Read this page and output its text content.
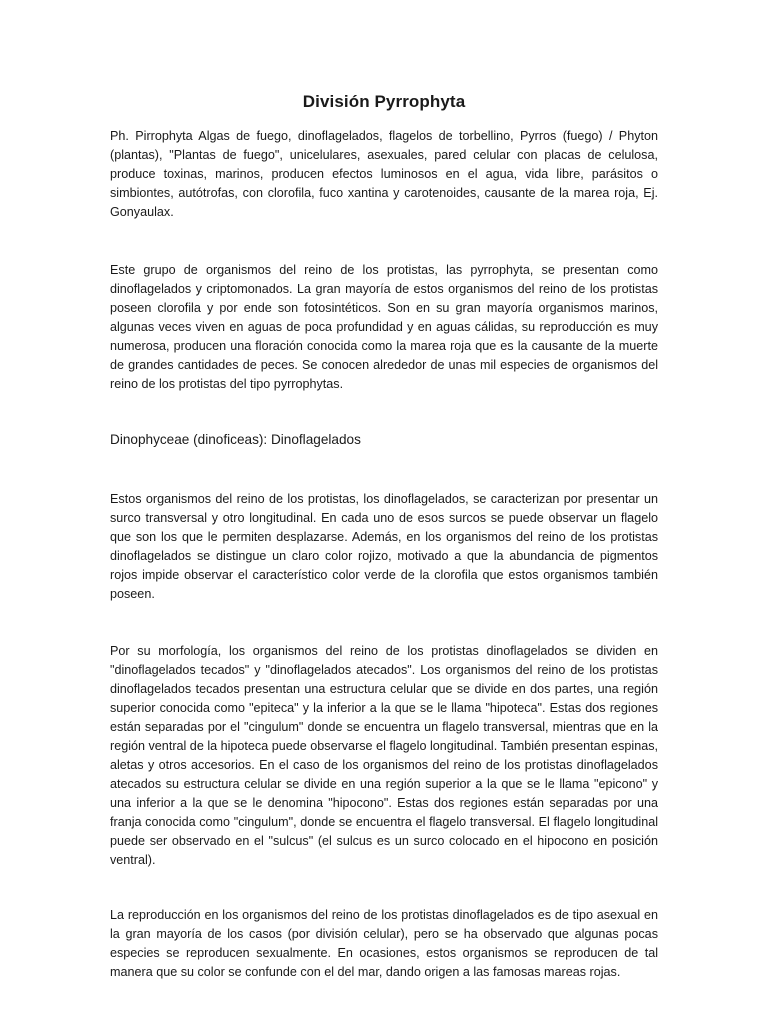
División Pyrrophyta

Ph. Pirrophyta Algas de fuego, dinoflagelados, flagelos de torbellino, Pyrros (fuego) / Phyton (plantas), "Plantas de fuego", unicelulares, asexuales, pared celular con placas de celulosa, produce toxinas, marinos, producen efectos luminosos en el agua, vida libre, parásitos o simbiontes, autótrofas, con clorofila, fuco xantina y carotenoides, causante de la marea roja, Ej. Gonyaulax.

Este grupo de organismos del reino de los protistas, las pyrrophyta, se presentan como dinoflagelados y criptomonados. La gran mayoría de estos organismos del reino de los protistas poseen clorofila y por ende son fotosintéticos. Son en su gran mayoría organismos marinos, algunas veces viven en aguas de poca profundidad y en aguas cálidas, su reproducción es muy numerosa, producen una floración conocida como la marea roja que es la causante de la muerte de grandes cantidades de peces. Se conocen alrededor de unas mil especies de organismos del reino de los protistas del tipo pyrrophytas.

Dinophyceae (dinoficeas): Dinoflagelados

Estos organismos del reino de los protistas, los dinoflagelados, se caracterizan por presentar un surco transversal y otro longitudinal. En cada uno de esos surcos se puede observar un flagelo que son los que le permiten desplazarse. Además, en los organismos del reino de los protistas dinoflagelados se distingue un claro color rojizo, motivado a que la abundancia de pigmentos rojos impide observar el característico color verde de la clorofila que estos organismos también poseen.

Por su morfología, los organismos del reino de los protistas dinoflagelados se dividen en "dinoflagelados tecados" y "dinoflagelados atecados". Los organismos del reino de los protistas dinoflagelados tecados presentan una estructura celular que se divide en dos partes, una región superior conocida como "epiteca" y la inferior a la que se le llama "hipoteca". Estas dos regiones están separadas por el "cingulum" donde se encuentra un flagelo transversal, mientras que en la región ventral de la hipoteca puede observarse el flagelo longitudinal. También presentan espinas, aletas y otros accesorios. En el caso de los organismos del reino de los protistas dinoflagelados atecados su estructura celular se divide en una región superior a la que se le llama "epicono" y una inferior a la que se le denomina "hipocono". Estas dos regiones están separadas por una franja conocida como "cingulum", donde se encuentra el flagelo transversal. El flagelo longitudinal puede ser observado en el "sulcus" (el sulcus es un surco colocado en el hipocono en posición ventral).

La reproducción en los organismos del reino de los protistas dinoflagelados es de tipo asexual en la gran mayoría de los casos (por división celular), pero se ha observado que algunas pocas especies se reproducen sexualmente. En ocasiones, estos organismos se reproducen de tal manera que su color se confunde con el del mar, dando origen a las famosas mareas rojas.
